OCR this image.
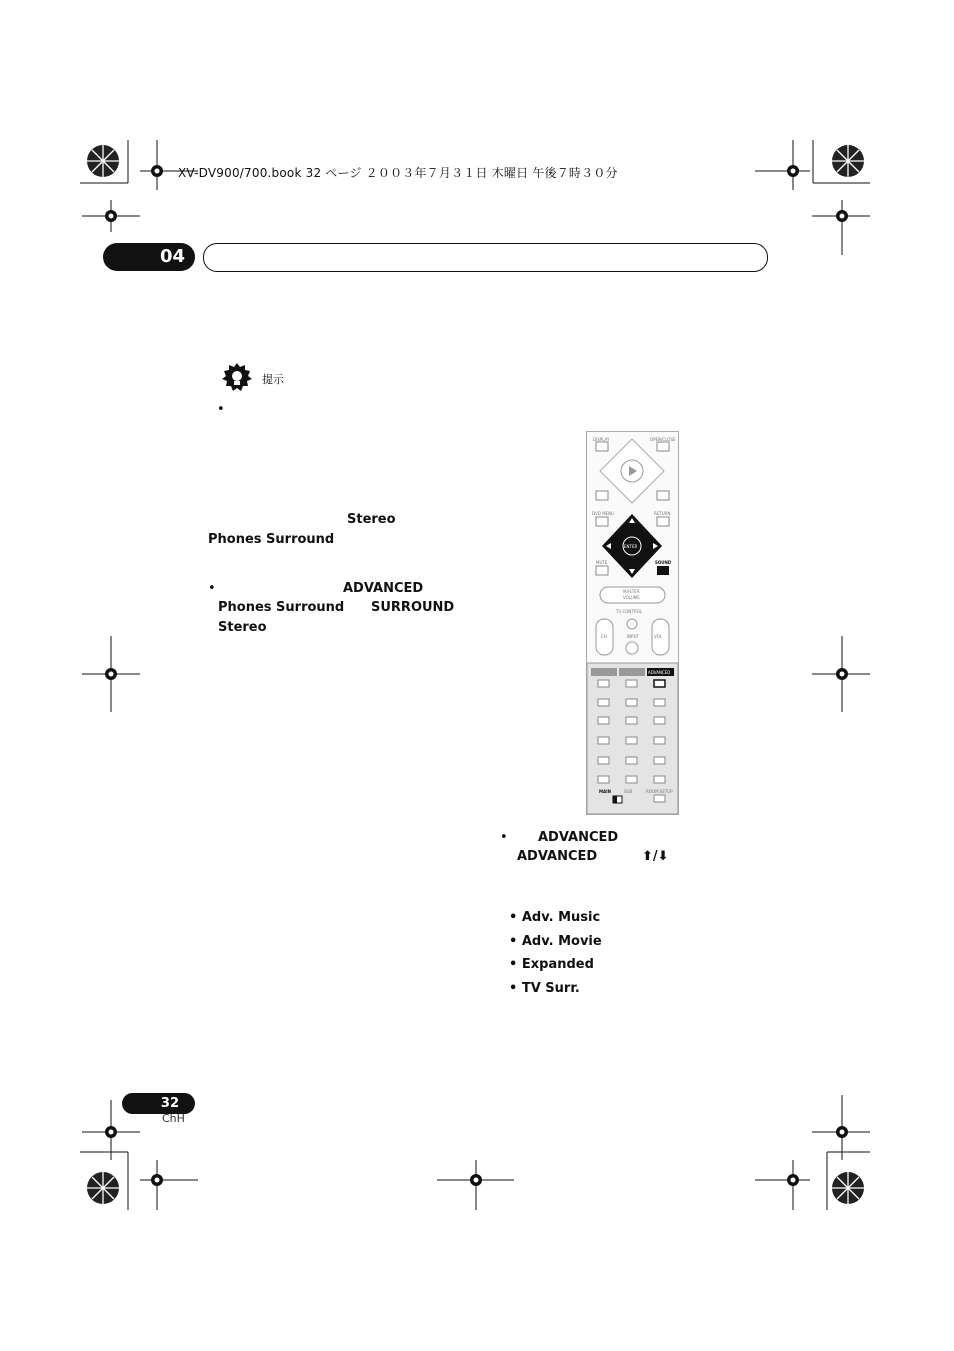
XV-DV900/700.book 32 ページ ２００３年７月３１日 木曜日 午後７時３０分
04
提示
•
Stereo
Phones Surround
•	ADVANCED
Phones Surround SURROUND
Stereo
DISPLAY	OPEN/CLOSE
DVD MENU	RETURN
ENTER
MUTE	SOUND
MASTER
VOLUME
TV CONTROL
CH	INPUT	VOL
ADVANCED
MAIN	SUB	ROOM SETUP
• ADVANCED
ADVANCED	⬆/⬇
• Adv. Music
• Adv. Movie
• Expanded
• TV Surr.
32
ChH
